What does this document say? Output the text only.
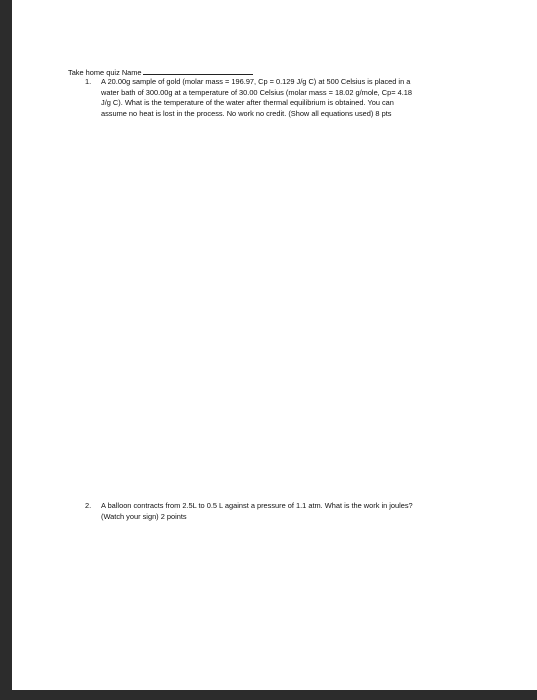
Take home quiz Name
1. A 20.00g sample of gold (molar mass = 196.97, Cp = 0.129 J/g C) at 500 Celsius is placed in a
water bath of 300.00g at a temperature of 30.00 Celsius (molar mass = 18.02 g/mole, Cp= 4.18
J/g C). What is the temperature of the water after thermal equilibrium is obtained. You can
assume no heat is lost in the process. No work no credit. (Show all equations used) 8 pts
2. A balloon contracts from 2.5L to 0.5 L against a pressure of 1.1 atm. What is the work in joules?
(Watch your sign) 2 points
